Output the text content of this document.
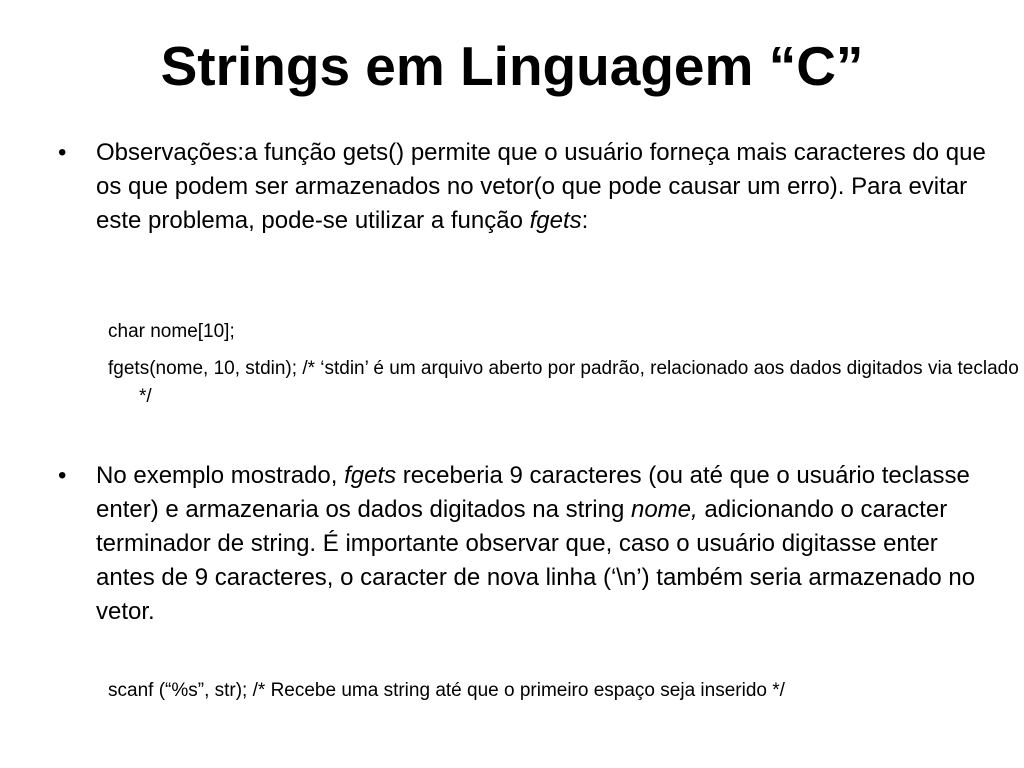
Strings em Linguagem “C”
• Observações:a função gets() permite que o usuário forneça mais caracteres do que os que podem ser armazenados no vetor(o que pode causar um erro). Para evitar este problema, pode-se utilizar a função fgets:
char nome[10];
fgets(nome, 10, stdin); /* ‘stdin’ é um arquivo aberto por padrão, relacionado aos dados digitados via teclado */
• No exemplo mostrado, fgets receberia 9 caracteres (ou até que o usuário teclasse enter) e armazenaria os dados digitados na string nome, adicionando o caracter terminador de string. É importante observar que, caso o usuário digitasse enter antes de 9 caracteres, o caracter de nova linha (‘\n’) também seria armazenado no vetor.
scanf (“%s”, str); /* Recebe uma string até que o primeiro espaço seja inserido */
